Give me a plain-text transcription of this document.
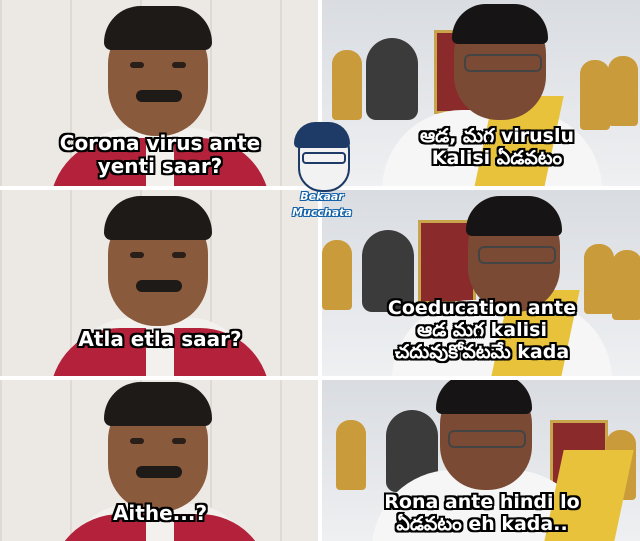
Corona virus ante
yenti saar?
Atla etla saar?
Aithe...?
ఆడ, మగ viruslu
Kalisi ఏడవటం
Coeducation ante
ఆడ మగ kalisi
చదువుకోవటమే kada
Rona ante hindi lo
ఏడవటం eh kada..
Bekaar
Mucchata
